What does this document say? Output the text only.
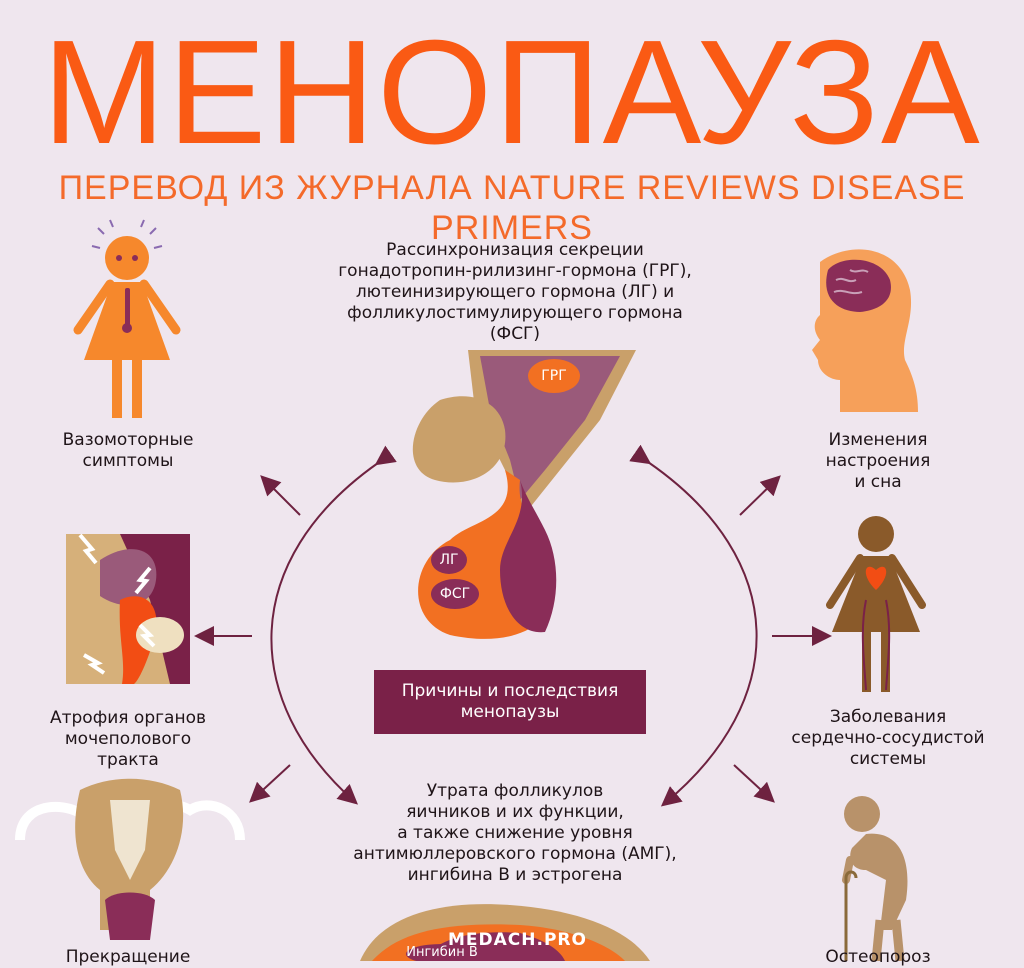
МЕНОПАУЗА
ПЕРЕВОД ИЗ ЖУРНАЛА NATURE REVIEWS DISEASE PRIMERS
ГРГ
ЛГ
ФСГ
Ингибин B
Рассинхронизация секреции
гонадотропин-рилизинг-гормона (ГРГ),
лютеинизирующего гормона (ЛГ) и
фолликулостимулирующего гормона (ФСГ)
Причины и последствия
менопаузы
Утрата фолликулов
яичников и их функции,
а также снижение уровня
антимюллеровского гормона (АМГ),
ингибина B и эстрогена
Вазомоторные
симптомы
Атрофия органов
мочеполового
тракта
Прекращение
Изменения
настроения
и сна
Заболевания
сердечно-сосудистой
системы
Остеопороз
MEDACH.PRO
